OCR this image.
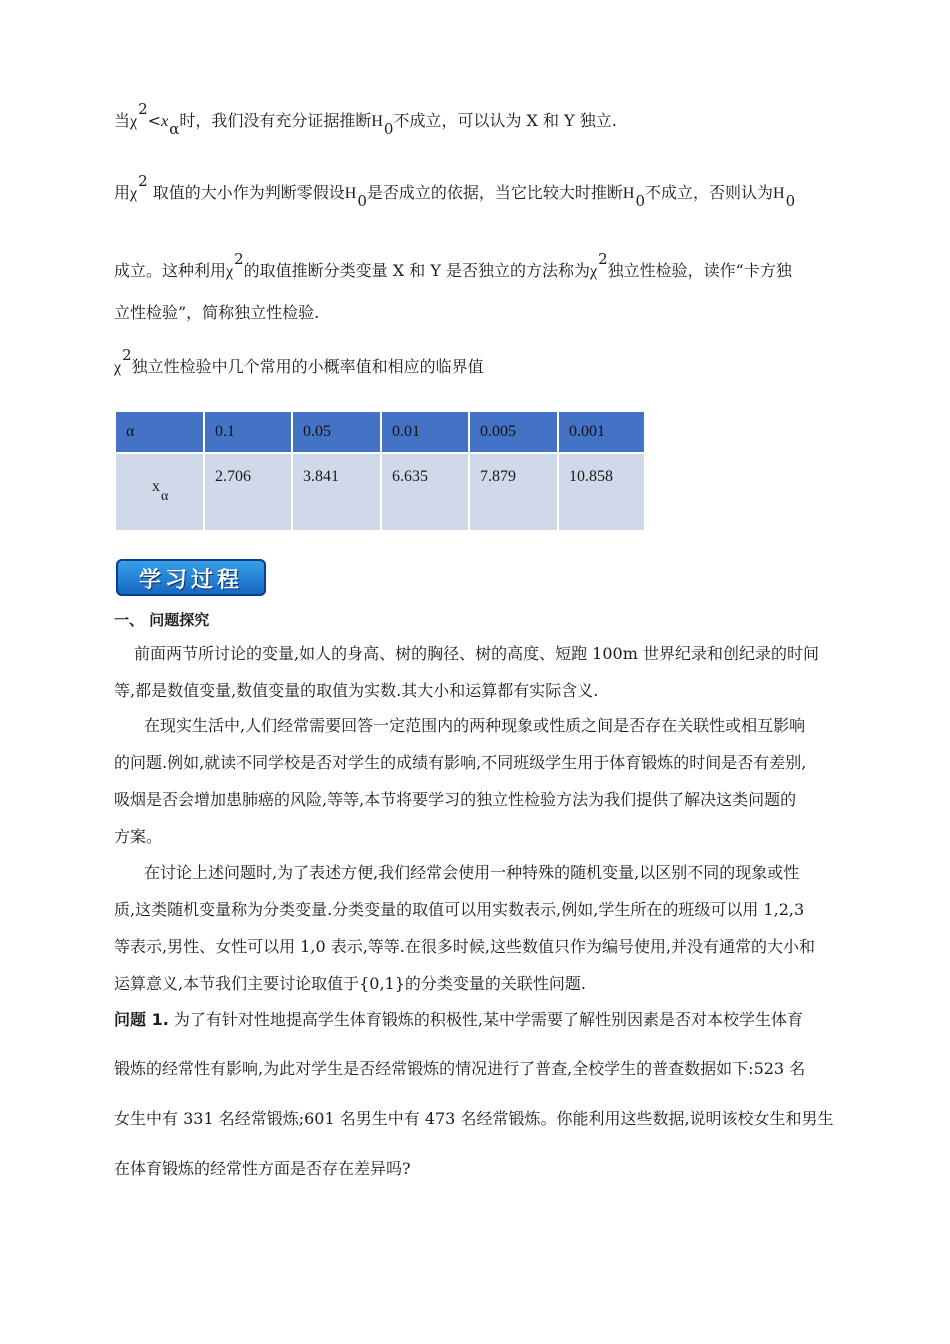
当χ2<xα时，我们没有充分证据推断H0不成立，可以认为 X 和 Y 独立.
用χ2 取值的大小作为判断零假设H0是否成立的依据，当它比较大时推断H0不成立，否则认为H0
成立。这种利用χ2的取值推断分类变量 X 和 Y 是否独立的方法称为χ2独立性检验，读作“卡方独
立性检验”，简称独立性检验.
χ2独立性检验中几个常用的小概率值和相应的临界值
α	0.1	0.05	0.01	0.005	0.001

xα	2.706	3.841	6.635	7.879	10.858
学习过程
一、 问题探究

前面两节所讨论的变量,如人的身高、树的胸径、树的高度、短跑 100m 世界纪录和创纪录的时间

等,都是数值变量,数值变量的取值为实数.其大小和运算都有实际含义.

在现实生活中,人们经常需要回答一定范围内的两种现象或性质之间是否存在关联性或相互影响

的问题.例如,就读不同学校是否对学生的成绩有影响,不同班级学生用于体育锻炼的时间是否有差别,

吸烟是否会增加患肺癌的风险,等等,本节将要学习的独立性检验方法为我们提供了解决这类问题的

方案。

在讨论上述问题时,为了表述方便,我们经常会使用一种特殊的随机变量,以区别不同的现象或性

质,这类随机变量称为分类变量.分类变量的取值可以用实数表示,例如,学生所在的班级可以用 1,2,3

等表示,男性、女性可以用 1,0 表示,等等.在很多时候,这些数值只作为编号使用,并没有通常的大小和

运算意义,本节我们主要讨论取值于{0,1}的分类变量的关联性问题.

问题 1. 为了有针对性地提高学生体育锻炼的积极性,某中学需要了解性别因素是否对本校学生体育
锻炼的经常性有影响,为此对学生是否经常锻炼的情况进行了普查,全校学生的普查数据如下:523 名
女生中有 331 名经常锻炼;601 名男生中有 473 名经常锻炼。你能利用这些数据,说明该校女生和男生
在体育锻炼的经常性方面是否存在差异吗?
